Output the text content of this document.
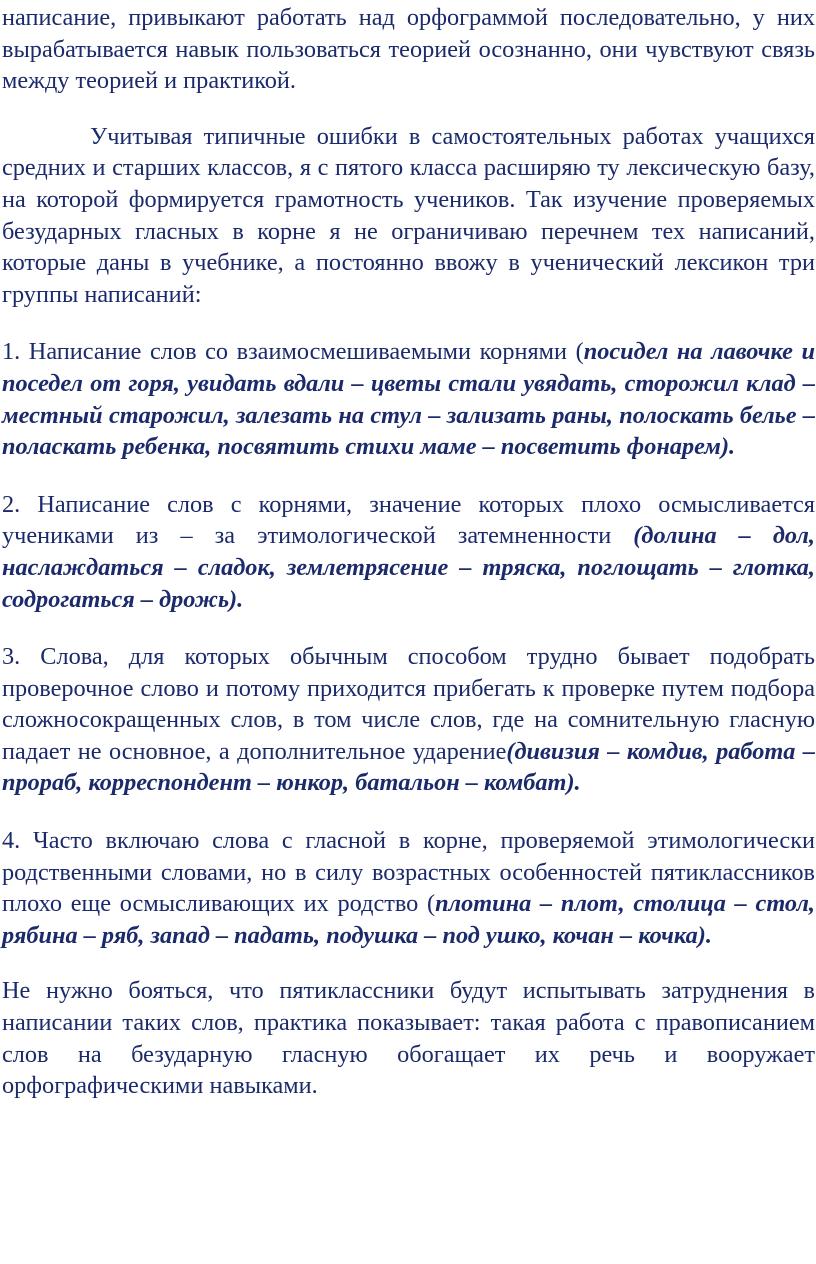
написание, привыкают работать над орфограммой последовательно, у них вырабатывается навык пользоваться теорией осознанно, они чувствуют связь между теорией и практикой.

Учитывая типичные ошибки в самостоятельных работах учащихся средних и старших классов, я с пятого класса расширяю ту лексическую базу, на которой формируется грамотность учеников. Так изучение проверяемых безударных гласных в корне я не ограничиваю перечнем тех написаний, которые даны в учебнике, а постоянно ввожу в ученический лексикон три группы написаний:

1. Написание слов со взаимосмешиваемыми корнями (посидел на лавочке и поседел от горя, увидать вдали – цветы стали увядать, сторожил клад – местный старожил, залезать на стул – зализать раны, полоскать белье – поласкать ребенка, посвятить стихи маме – посветить фонарем).

2. Написание слов с корнями, значение которых плохо осмысливается учениками из – за этимологической затемненности (долина – дол, наслаждаться – сладок, землетрясение – тряска, поглощать – глотка, содрогаться – дрожь).

3. Слова, для которых обычным способом трудно бывает подобрать проверочное слово и потому приходится прибегать к проверке путем подбора сложносокращенных слов, в том числе слов, где на сомнительную гласную падает не основное, а дополнительное ударение(дивизия – комдив, работа – прораб, корреспондент – юнкор, батальон – комбат).

4. Часто включаю слова с гласной в корне, проверяемой этимологически родственными словами, но в силу возрастных особенностей пятиклассников плохо еще осмысливающих их родство (плотина – плот, столица – стол, рябина – ряб, запад – падать, подушка – под ушко, кочан – кочка).

Не нужно бояться, что пятиклассники будут испытывать затруднения в написании таких слов, практика показывает: такая работа с правописанием слов на безударную гласную обогащает их речь и вооружает орфографическими навыками.
